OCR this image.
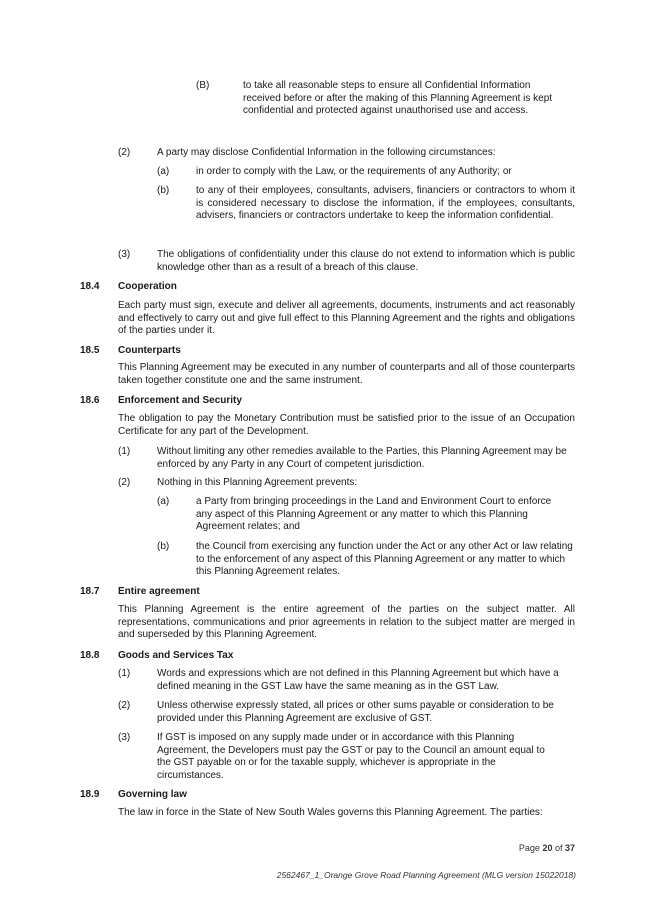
(B)	to take all reasonable steps to ensure all Confidential Information received before or after the making of this Planning Agreement is kept confidential and protected against unauthorised use and access.
(2)	A party may disclose Confidential Information in the following circumstances:
(a)	in order to comply with the Law, or the requirements of any Authority; or
(b)	to any of their employees, consultants, advisers, financiers or contractors to whom it is considered necessary to disclose the information, if the employees, consultants, advisers, financiers or contractors undertake to keep the information confidential.
(3)	The obligations of confidentiality under this clause do not extend to information which is public knowledge other than as a result of a breach of this clause.
18.4 Cooperation
Each party must sign, execute and deliver all agreements, documents, instruments and act reasonably and effectively to carry out and give full effect to this Planning Agreement and the rights and obligations of the parties under it.
18.5 Counterparts
This Planning Agreement may be executed in any number of counterparts and all of those counterparts taken together constitute one and the same instrument.
18.6 Enforcement and Security
The obligation to pay the Monetary Contribution must be satisfied prior to the issue of an Occupation Certificate for any part of the Development.
(1)	Without limiting any other remedies available to the Parties, this Planning Agreement may be enforced by any Party in any Court of competent jurisdiction.
(2)	Nothing in this Planning Agreement prevents:
(a)	a Party from bringing proceedings in the Land and Environment Court to enforce any aspect of this Planning Agreement or any matter to which this Planning Agreement relates; and
(b)	the Council from exercising any function under the Act or any other Act or law relating to the enforcement of any aspect of this Planning Agreement or any matter to which this Planning Agreement relates.
18.7 Entire agreement
This Planning Agreement is the entire agreement of the parties on the subject matter. All representations, communications and prior agreements in relation to the subject matter are merged in and superseded by this Planning Agreement.
18.8 Goods and Services Tax
(1)	Words and expressions which are not defined in this Planning Agreement but which have a defined meaning in the GST Law have the same meaning as in the GST Law.
(2)	Unless otherwise expressly stated, all prices or other sums payable or consideration to be provided under this Planning Agreement are exclusive of GST.
(3)	If GST is imposed on any supply made under or in accordance with this Planning Agreement, the Developers must pay the GST or pay to the Council an amount equal to the GST payable on or for the taxable supply, whichever is appropriate in the circumstances.
18.9 Governing law
The law in force in the State of New South Wales governs this Planning Agreement. The parties:
Page 20 of 37
2562467_1_Orange Grove Road Planning Agreement (MLG version 15022018)
